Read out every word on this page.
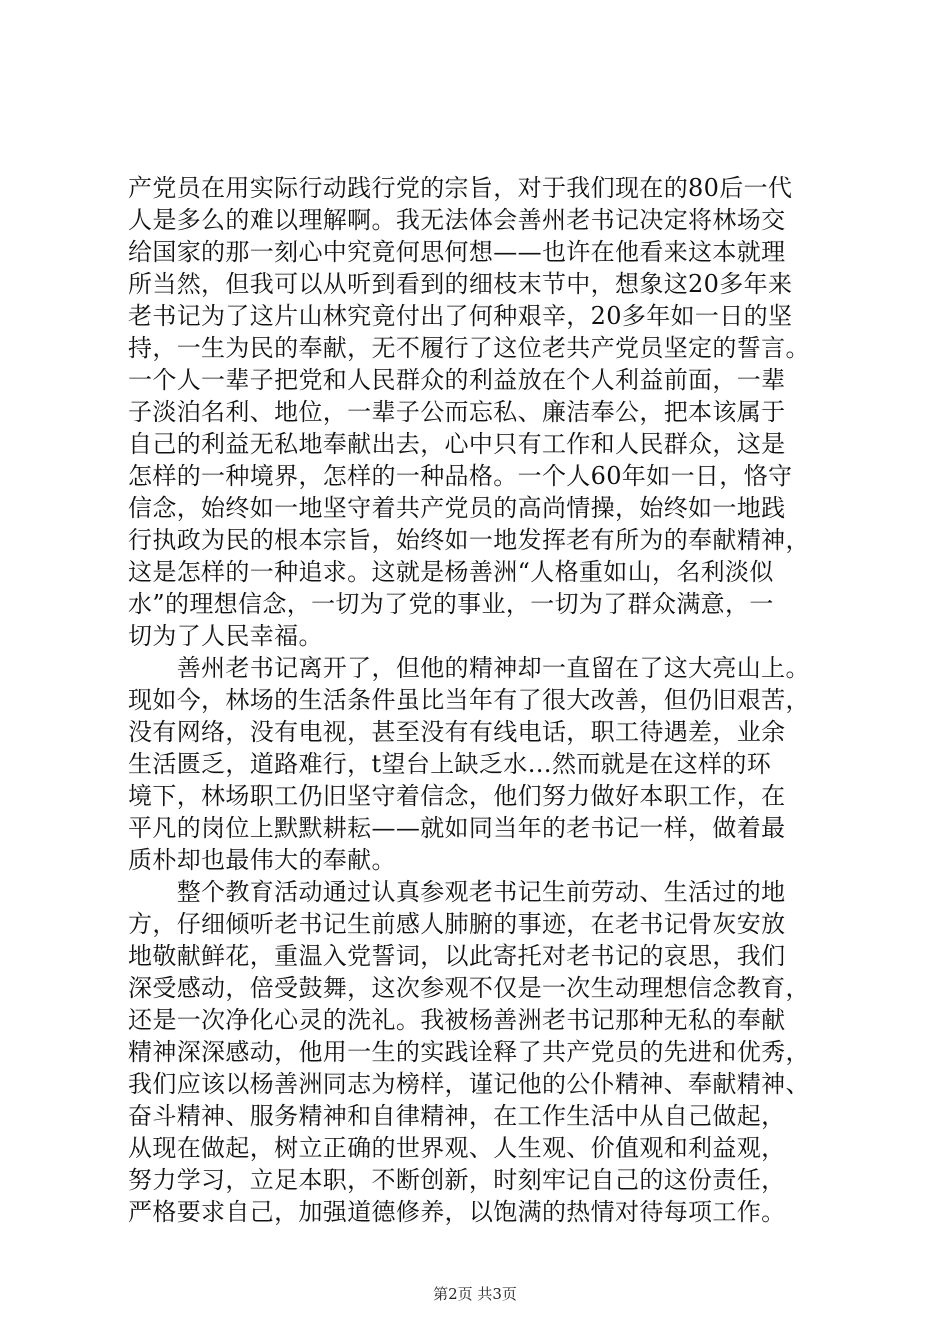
产党员在用实际行动践行党的宗旨，对于我们现在的80后一代
人是多么的难以理解啊。我无法体会善州老书记决定将林场交
给国家的那一刻心中究竟何思何想——也许在他看来这本就理
所当然，但我可以从听到看到的细枝末节中，想象这20多年来
老书记为了这片山林究竟付出了何种艰辛，20多年如一日的坚
持，一生为民的奉献，无不履行了这位老共产党员坚定的誓言。
一个人一辈子把党和人民群众的利益放在个人利益前面，一辈
子淡泊名利、地位，一辈子公而忘私、廉洁奉公，把本该属于
自己的利益无私地奉献出去，心中只有工作和人民群众，这是
怎样的一种境界，怎样的一种品格。一个人60年如一日，恪守
信念，始终如一地坚守着共产党员的高尚情操，始终如一地践
行执政为民的根本宗旨，始终如一地发挥老有所为的奉献精神，
这是怎样的一种追求。这就是杨善洲“人格重如山，名利淡似
水”的理想信念，一切为了党的事业，一切为了群众满意，一
切为了人民幸福。
　　善州老书记离开了，但他的精神却一直留在了这大亮山上。
现如今，林场的生活条件虽比当年有了很大改善，但仍旧艰苦，
没有网络，没有电视，甚至没有有线电话，职工待遇差，业余
生活匮乏，道路难行，t望台上缺乏水…然而就是在这样的环
境下，林场职工仍旧坚守着信念，他们努力做好本职工作，在
平凡的岗位上默默耕耘——就如同当年的老书记一样，做着最
质朴却也最伟大的奉献。
　　整个教育活动通过认真参观老书记生前劳动、生活过的地
方，仔细倾听老书记生前感人肺腑的事迹，在老书记骨灰安放
地敬献鲜花，重温入党誓词，以此寄托对老书记的哀思，我们
深受感动，倍受鼓舞，这次参观不仅是一次生动理想信念教育，
还是一次净化心灵的洗礼。我被杨善洲老书记那种无私的奉献
精神深深感动，他用一生的实践诠释了共产党员的先进和优秀，
我们应该以杨善洲同志为榜样，谨记他的公仆精神、奉献精神、
奋斗精神、服务精神和自律精神，在工作生活中从自己做起，
从现在做起，树立正确的世界观、人生观、价值观和利益观，
努力学习，立足本职，不断创新，时刻牢记自己的这份责任，
严格要求自己，加强道德修养，以饱满的热情对待每项工作。
第2页 共3页
